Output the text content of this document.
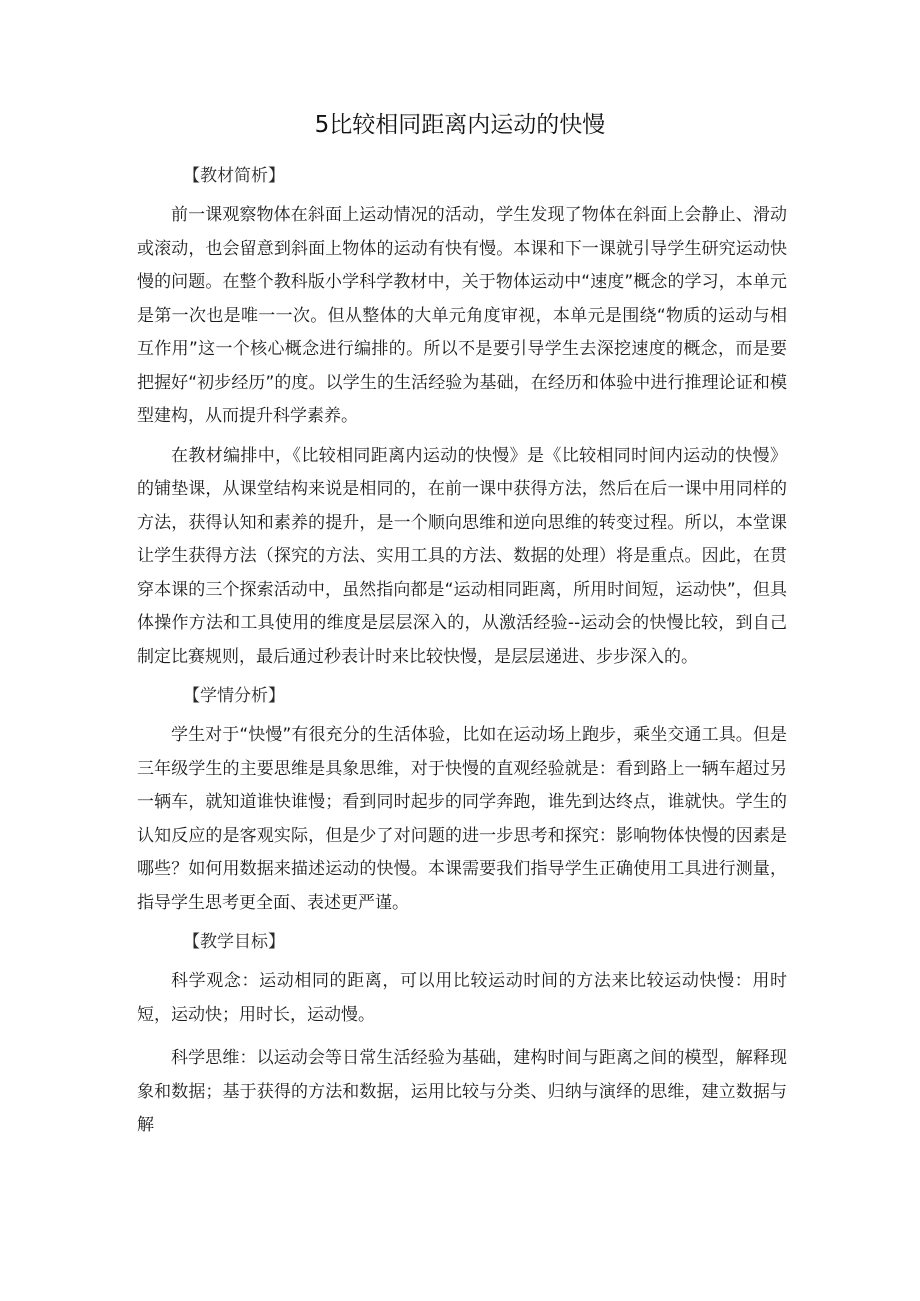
5比较相同距离内运动的快慢

【教材简析】

前一课观察物体在斜面上运动情况的活动，学生发现了物体在斜面上会静止、滑动或滚动，也会留意到斜面上物体的运动有快有慢。本课和下一课就引导学生研究运动快慢的问题。在整个教科版小学科学教材中，关于物体运动中“速度”概念的学习，本单元是第一次也是唯一一次。但从整体的大单元角度审视，本单元是围绕“物质的运动与相互作用”这一个核心概念进行编排的。所以不是要引导学生去深挖速度的概念，而是要把握好“初步经历”的度。以学生的生活经验为基础，在经历和体验中进行推理论证和模型建构，从而提升科学素养。

在教材编排中，《比较相同距离内运动的快慢》是《比较相同时间内运动的快慢》的铺垫课，从课堂结构来说是相同的，在前一课中获得方法，然后在后一课中用同样的方法，获得认知和素养的提升，是一个顺向思维和逆向思维的转变过程。所以，本堂课让学生获得方法（探究的方法、实用工具的方法、数据的处理）将是重点。因此，在贯穿本课的三个探索活动中，虽然指向都是“运动相同距离，所用时间短，运动快”，但具体操作方法和工具使用的维度是层层深入的，从激活经验--运动会的快慢比较，到自己制定比赛规则，最后通过秒表计时来比较快慢，是层层递进、步步深入的。

【学情分析】

学生对于“快慢”有很充分的生活体验，比如在运动场上跑步，乘坐交通工具。但是三年级学生的主要思维是具象思维，对于快慢的直观经验就是：看到路上一辆车超过另一辆车，就知道谁快谁慢；看到同时起步的同学奔跑，谁先到达终点，谁就快。学生的认知反应的是客观实际，但是少了对问题的进一步思考和探究：影响物体快慢的因素是哪些？如何用数据来描述运动的快慢。本课需要我们指导学生正确使用工具进行测量，指导学生思考更全面、表述更严谨。

【教学目标】

科学观念：运动相同的距离，可以用比较运动时间的方法来比较运动快慢：用时短，运动快；用时长，运动慢。

科学思维：以运动会等日常生活经验为基础，建构时间与距离之间的模型，解释现象和数据；基于获得的方法和数据，运用比较与分类、归纳与演绎的思维，建立数据与解
